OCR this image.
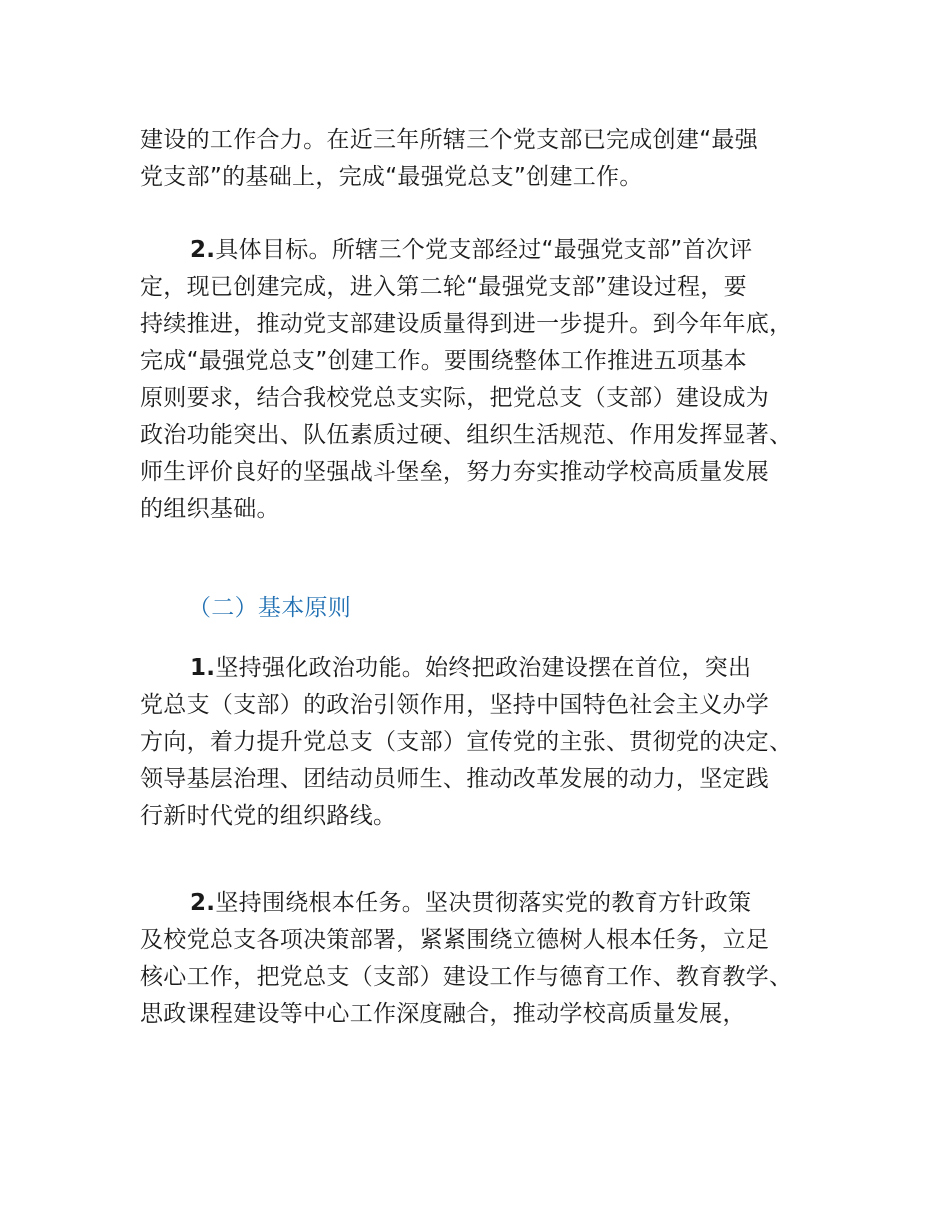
建设的工作合力。在近三年所辖三个党支部已完成创建“最强
党支部”的基础上，完成“最强党总支”创建工作。

2.具体目标。所辖三个党支部经过“最强党支部”首次评
定，现已创建完成，进入第二轮“最强党支部”建设过程，要
持续推进，推动党支部建设质量得到进一步提升。到今年年底，
完成“最强党总支”创建工作。要围绕整体工作推进五项基本
原则要求，结合我校党总支实际，把党总支（支部）建设成为
政治功能突出、队伍素质过硬、组织生活规范、作用发挥显著、
师生评价良好的坚强战斗堡垒，努力夯实推动学校高质量发展
的组织基础。

（二）基本原则

1.坚持强化政治功能。始终把政治建设摆在首位，突出
党总支（支部）的政治引领作用，坚持中国特色社会主义办学
方向，着力提升党总支（支部）宣传党的主张、贯彻党的决定、
领导基层治理、团结动员师生、推动改革发展的动力，坚定践
行新时代党的组织路线。

2.坚持围绕根本任务。坚决贯彻落实党的教育方针政策
及校党总支各项决策部署，紧紧围绕立德树人根本任务，立足
核心工作，把党总支（支部）建设工作与德育工作、教育教学、
思政课程建设等中心工作深度融合，推动学校高质量发展，
